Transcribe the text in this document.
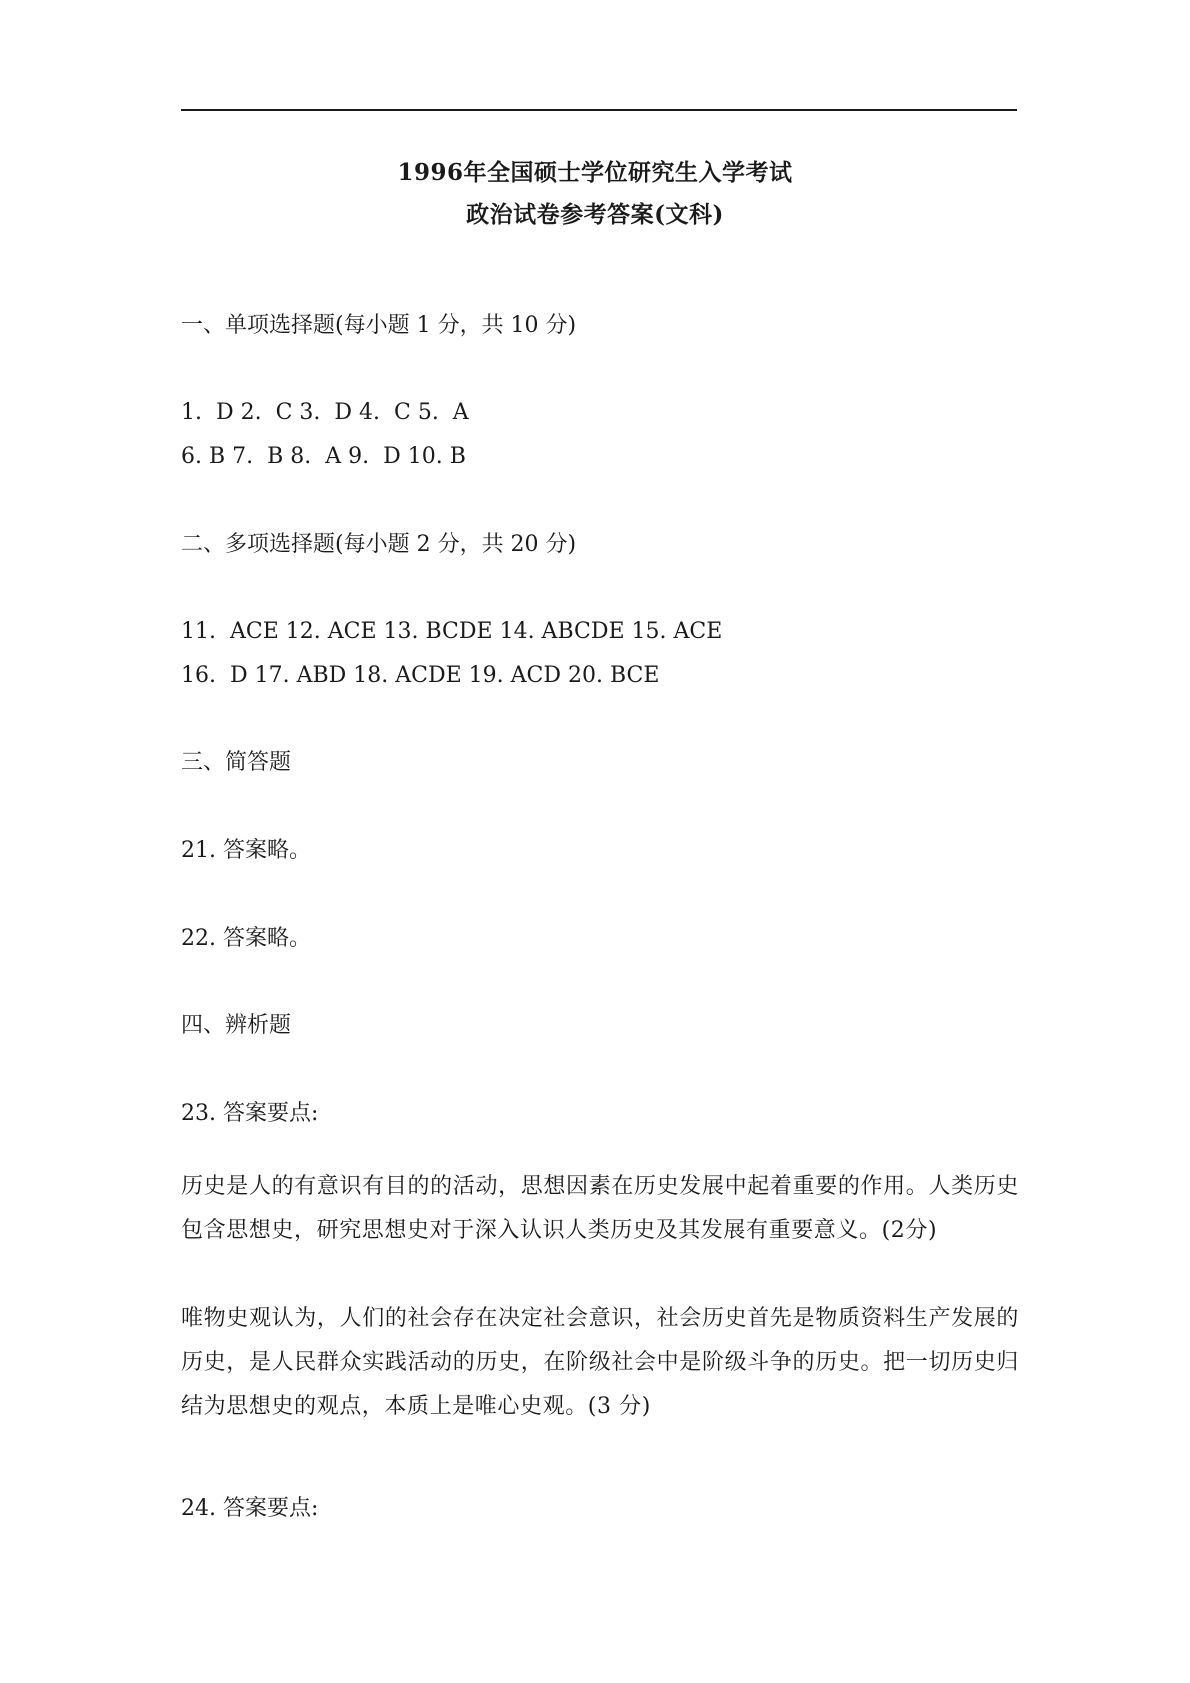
1996年全国硕士学位研究生入学考试
政治试卷参考答案(文科)
一、单项选择题(每小题 1 分，共 10 分)
1.  D 2.  C 3.  D 4.  C 5.  A
6. B 7.  B 8.  A 9.  D 10. B
二、多项选择题(每小题 2 分，共 20 分)
11.  ACE 12. ACE 13. BCDE 14. ABCDE 15. ACE
16.  D 17. ABD 18. ACDE 19. ACD 20. BCE
三、简答题
21. 答案略。
22. 答案略。
四、辨析题
23. 答案要点:
历史是人的有意识有目的的活动，思想因素在历史发展中起着重要的作用。人类历史包含思想史，研究思想史对于深入认识人类历史及其发展有重要意义。(2分)
唯物史观认为，人们的社会存在决定社会意识，社会历史首先是物质资料生产发展的历史，是人民群众实践活动的历史，在阶级社会中是阶级斗争的历史。把一切历史归结为思想史的观点，本质上是唯心史观。(3 分)
24. 答案要点:
